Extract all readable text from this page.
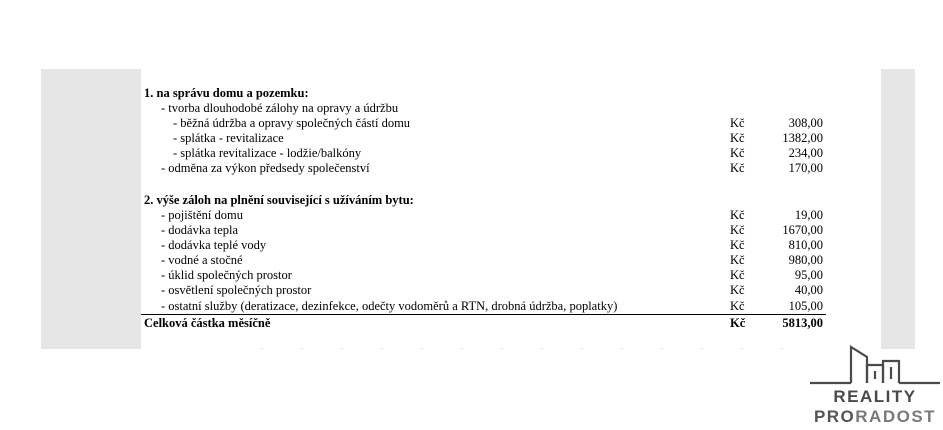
1. na správu domu a pozemku:
- tvorba dlouhodobé zálohy na opravy a údržbu
- běžná údržba a opravy společných částí domu	Kč	308,00
- splátka - revitalizace	Kč	1382,00
- splátka revitalizace - lodžie/balkóny	Kč	234,00
- odměna za výkon předsedy společenství	Kč	170,00
2. výše záloh na plnění související s užíváním bytu:
- pojištění domu	Kč	19,00
- dodávka tepla	Kč	1670,00
- dodávka teplé vody	Kč	810,00
- vodné a stočné	Kč	980,00
- úklid společných prostor	Kč	95,00
- osvětlení společných prostor	Kč	40,00
- ostatní služby (deratizace, dezinfekce, odečty vodoměrů a RTN, drobná údržba, poplatky)	Kč	105,00
Celková částka měsíčně	Kč	5813,00
REALITY
PRORADOST
